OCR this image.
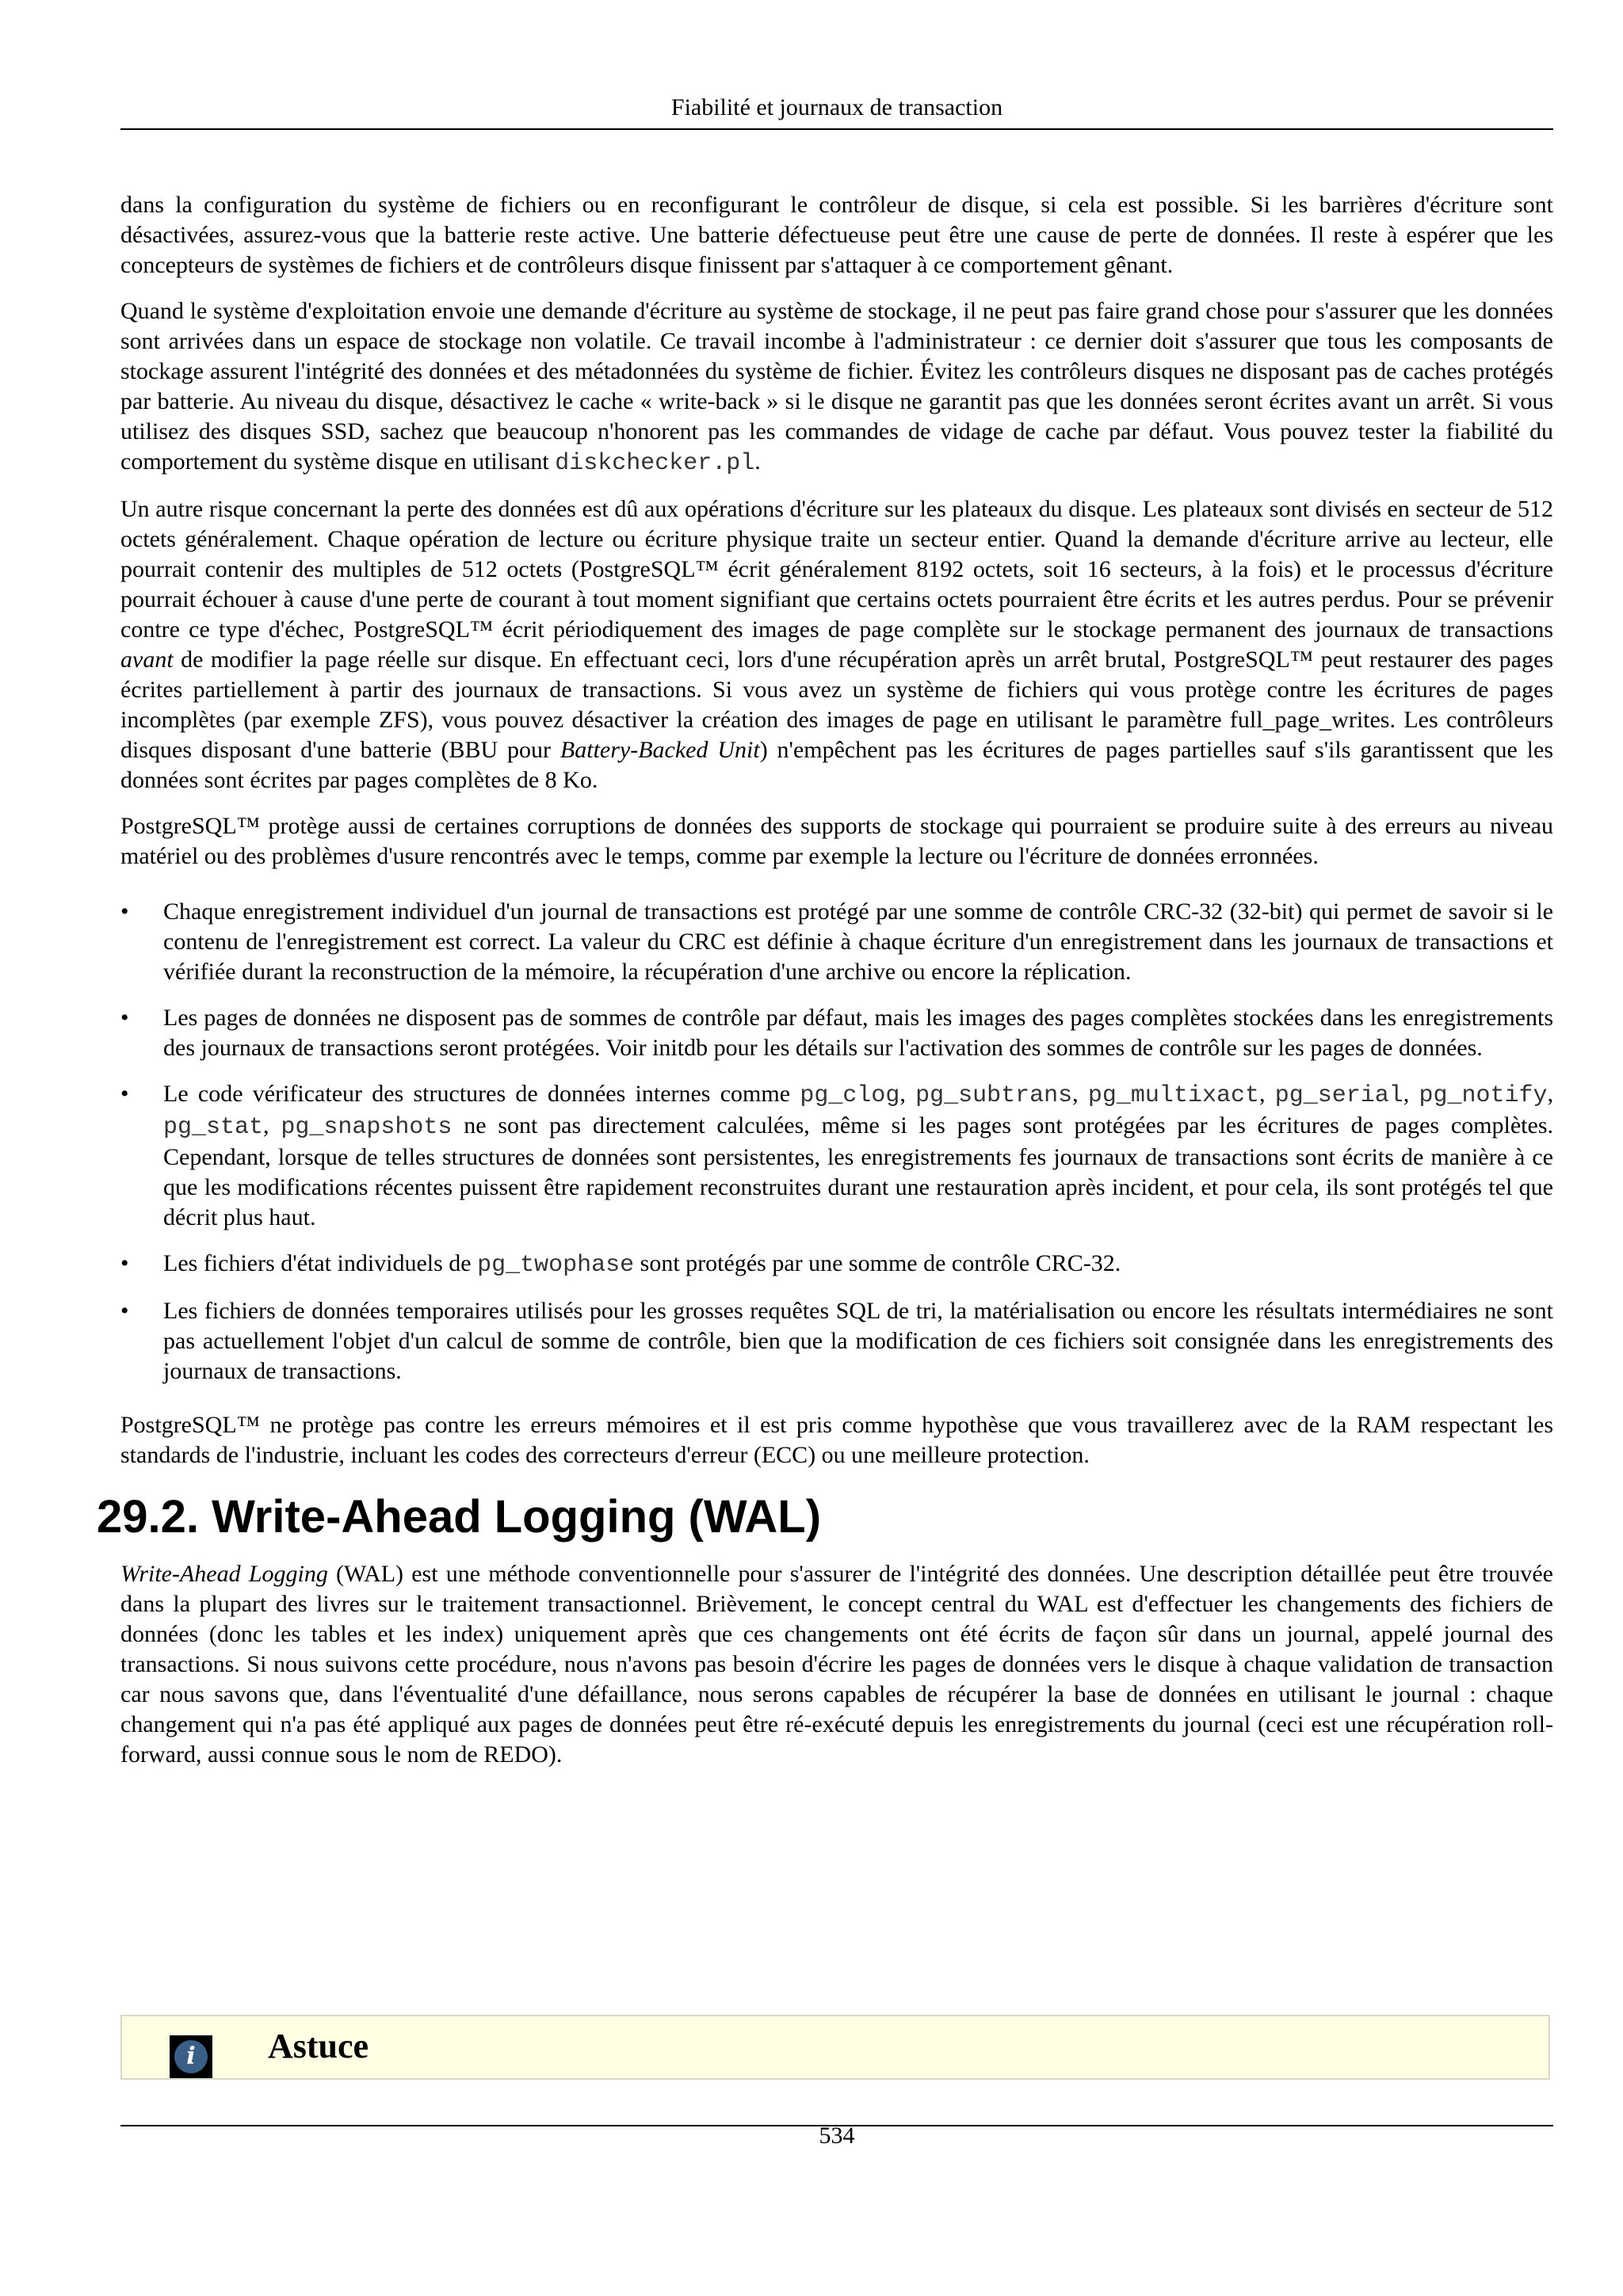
Fiabilité et journaux de transaction

dans la configuration du système de fichiers ou en reconfigurant le contrôleur de disque, si cela est possible. Si les barrières d'écriture sont désactivées, assurez-vous que la batterie reste active. Une batterie défectueuse peut être une cause de perte de données. Il reste à espérer que les concepteurs de systèmes de fichiers et de contrôleurs disque finissent par s'attaquer à ce comportement gênant.

Quand le système d'exploitation envoie une demande d'écriture au système de stockage, il ne peut pas faire grand chose pour s'assurer que les données sont arrivées dans un espace de stockage non volatile. Ce travail incombe à l'administrateur : ce dernier doit s'assurer que tous les composants de stockage assurent l'intégrité des données et des métadonnées du système de fichier. Évitez les contrôleurs disques ne disposant pas de caches protégés par batterie. Au niveau du disque, désactivez le cache « write-back » si le disque ne garantit pas que les données seront écrites avant un arrêt. Si vous utilisez des disques SSD, sachez que beaucoup n'honorent pas les commandes de vidage de cache par défaut. Vous pouvez tester la fiabilité du comportement du système disque en utilisant diskchecker.pl.

Un autre risque concernant la perte des données est dû aux opérations d'écriture sur les plateaux du disque. Les plateaux sont divisés en secteur de 512 octets généralement. Chaque opération de lecture ou écriture physique traite un secteur entier. Quand la demande d'écriture arrive au lecteur, elle pourrait contenir des multiples de 512 octets (PostgreSQL™ écrit généralement 8192 octets, soit 16 secteurs, à la fois) et le processus d'écriture pourrait échouer à cause d'une perte de courant à tout moment signifiant que certains octets pourraient être écrits et les autres perdus. Pour se prévenir contre ce type d'échec, PostgreSQL™ écrit périodiquement des images de page complète sur le stockage permanent des journaux de transactions avant de modifier la page réelle sur disque. En effectuant ceci, lors d'une récupération après un arrêt brutal, PostgreSQL™ peut restaurer des pages écrites partiellement à partir des journaux de transactions. Si vous avez un système de fichiers qui vous protège contre les écritures de pages incomplètes (par exemple ZFS), vous pouvez désactiver la création des images de page en utilisant le paramètre full_page_writes. Les contrôleurs disques disposant d'une batterie (BBU pour Battery-Backed Unit) n'empêchent pas les écritures de pages partielles sauf s'ils garantissent que les données sont écrites par pages complètes de 8 Ko.

PostgreSQL™ protège aussi de certaines corruptions de données des supports de stockage qui pourraient se produire suite à des erreurs au niveau matériel ou des problèmes d'usure rencontrés avec le temps, comme par exemple la lecture ou l'écriture de données erronnées.

•	Chaque enregistrement individuel d'un journal de transactions est protégé par une somme de contrôle CRC-32 (32-bit) qui permet de savoir si le contenu de l'enregistrement est correct. La valeur du CRC est définie à chaque écriture d'un enregistrement dans les journaux de transactions et vérifiée durant la reconstruction de la mémoire, la récupération d'une archive ou encore la réplication.
•	Les pages de données ne disposent pas de sommes de contrôle par défaut, mais les images des pages complètes stockées dans les enregistrements des journaux de transactions seront protégées. Voir initdb pour les détails sur l'activation des sommes de contrôle sur les pages de données.
•	Le code vérificateur des structures de données internes comme pg_clog, pg_subtrans, pg_multixact, pg_serial, pg_notify, pg_stat, pg_snapshots ne sont pas directement calculées, même si les pages sont protégées par les écritures de pages complètes. Cependant, lorsque de telles structures de données sont persistentes, les enregistrements fes journaux de transactions sont écrits de manière à ce que les modifications récentes puissent être rapidement reconstruites durant une restauration après incident, et pour cela, ils sont protégés tel que décrit plus haut.
•	Les fichiers d'état individuels de pg_twophase sont protégés par une somme de contrôle CRC-32.
•	Les fichiers de données temporaires utilisés pour les grosses requêtes SQL de tri, la matérialisation ou encore les résultats intermédiaires ne sont pas actuellement l'objet d'un calcul de somme de contrôle, bien que la modification de ces fichiers soit consignée dans les enregistrements des journaux de transactions.

PostgreSQL™ ne protège pas contre les erreurs mémoires et il est pris comme hypothèse que vous travaillerez avec de la RAM respectant les standards de l'industrie, incluant les codes des correcteurs d'erreur (ECC) ou une meilleure protection.

29.2. Write-Ahead Logging (WAL)

Write-Ahead Logging (WAL) est une méthode conventionnelle pour s'assurer de l'intégrité des données. Une description détaillée peut être trouvée dans la plupart des livres sur le traitement transactionnel. Brièvement, le concept central du WAL est d'effectuer les changements des fichiers de données (donc les tables et les index) uniquement après que ces changements ont été écrits de façon sûr dans un journal, appelé journal des transactions. Si nous suivons cette procédure, nous n'avons pas besoin d'écrire les pages de données vers le disque à chaque validation de transaction car nous savons que, dans l'éventualité d'une défaillance, nous serons capables de récupérer la base de données en utilisant le journal : chaque changement qui n'a pas été appliqué aux pages de données peut être ré-exécuté depuis les enregistrements du journal (ceci est une récupération roll-forward, aussi connue sous le nom de REDO).

i	Astuce
534
